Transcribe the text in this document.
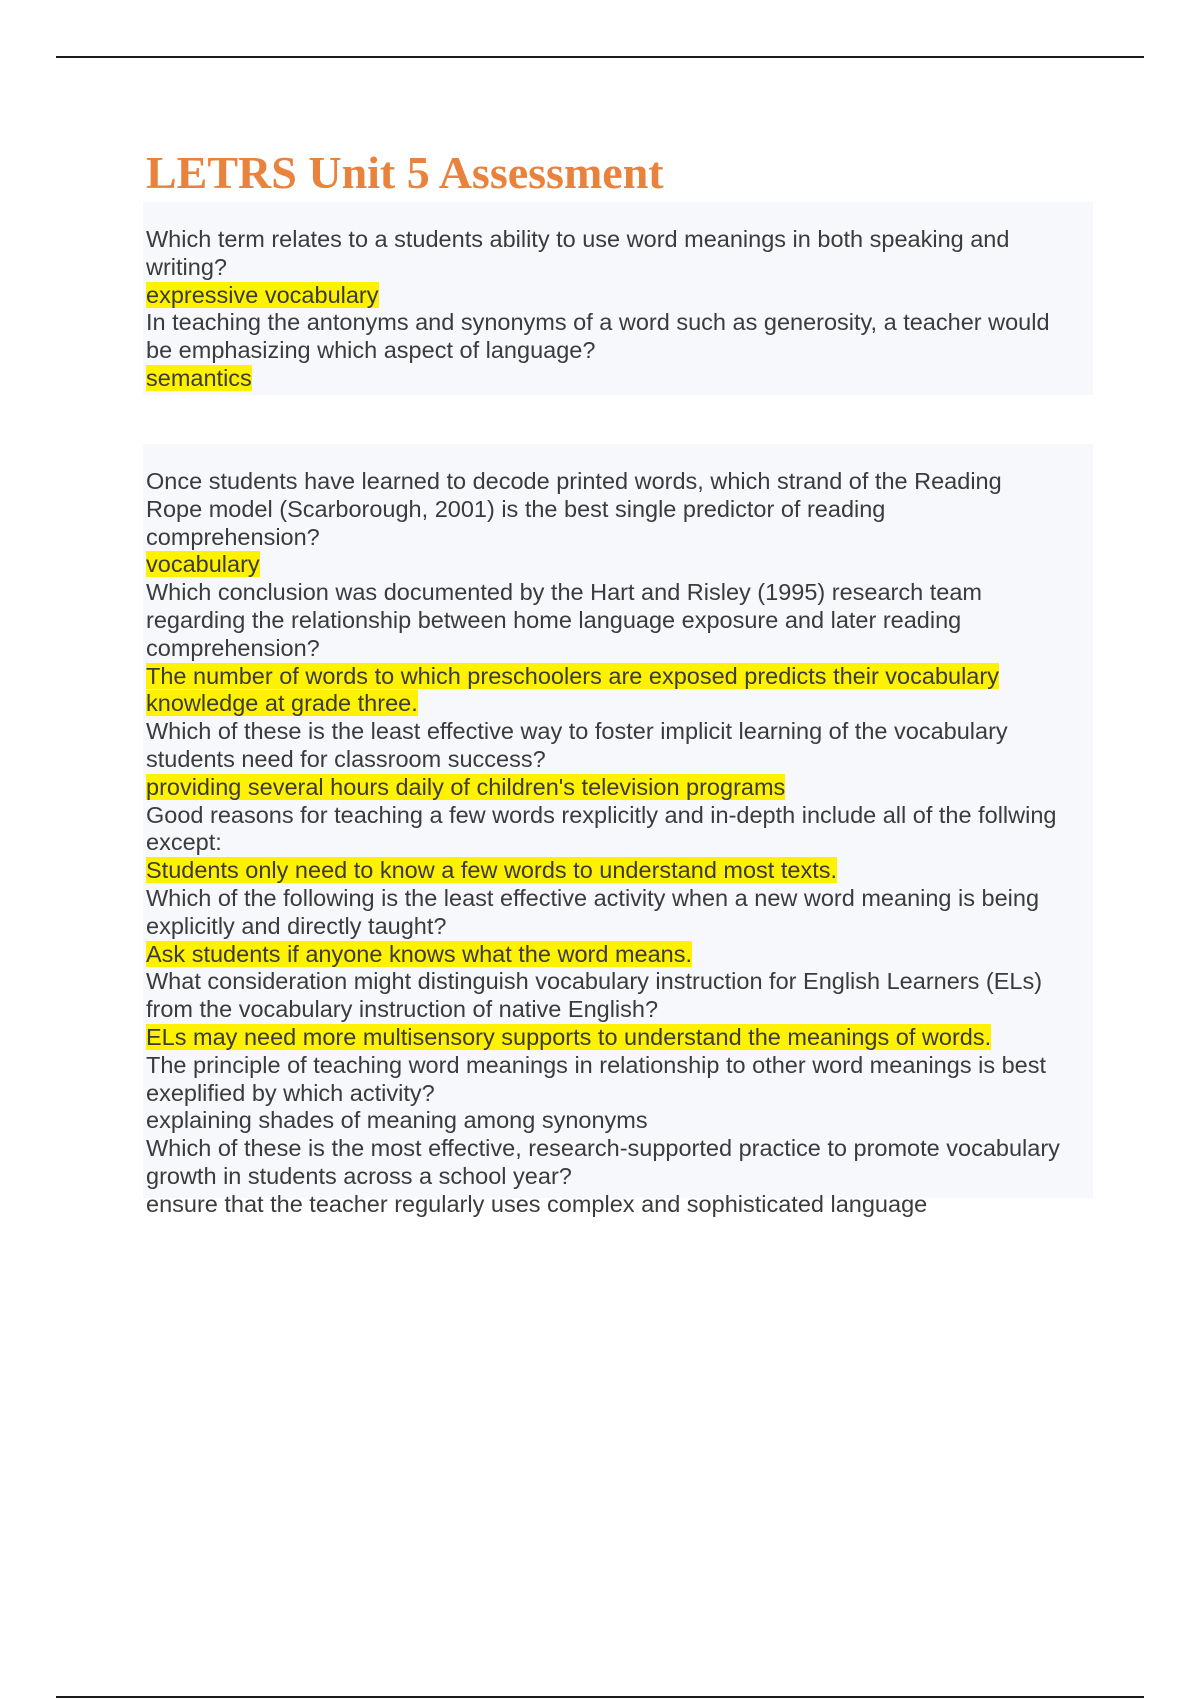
LETRS Unit 5 Assessment
Which term relates to a students ability to use word meanings in both speaking and
writing?
expressive vocabulary
In teaching the antonyms and synonyms of a word such as generosity, a teacher would
be emphasizing which aspect of language?
semantics
Once students have learned to decode printed words, which strand of the Reading
Rope model (Scarborough, 2001) is the best single predictor of reading
comprehension?
vocabulary
Which conclusion was documented by the Hart and Risley (1995) research team
regarding the relationship between home language exposure and later reading
comprehension?
The number of words to which preschoolers are exposed predicts their vocabulary
knowledge at grade three.
Which of these is the least effective way to foster implicit learning of the vocabulary
students need for classroom success?
providing several hours daily of children's television programs
Good reasons for teaching a few words rexplicitly and in-depth include all of the follwing
except:
Students only need to know a few words to understand most texts.
Which of the following is the least effective activity when a new word meaning is being
explicitly and directly taught?
Ask students if anyone knows what the word means.
What consideration might distinguish vocabulary instruction for English Learners (ELs)
from the vocabulary instruction of native English?
ELs may need more multisensory supports to understand the meanings of words.
The principle of teaching word meanings in relationship to other word meanings is best
exeplified by which activity?
explaining shades of meaning among synonyms
Which of these is the most effective, research-supported practice to promote vocabulary
growth in students across a school year?
ensure that the teacher regularly uses complex and sophisticated language
